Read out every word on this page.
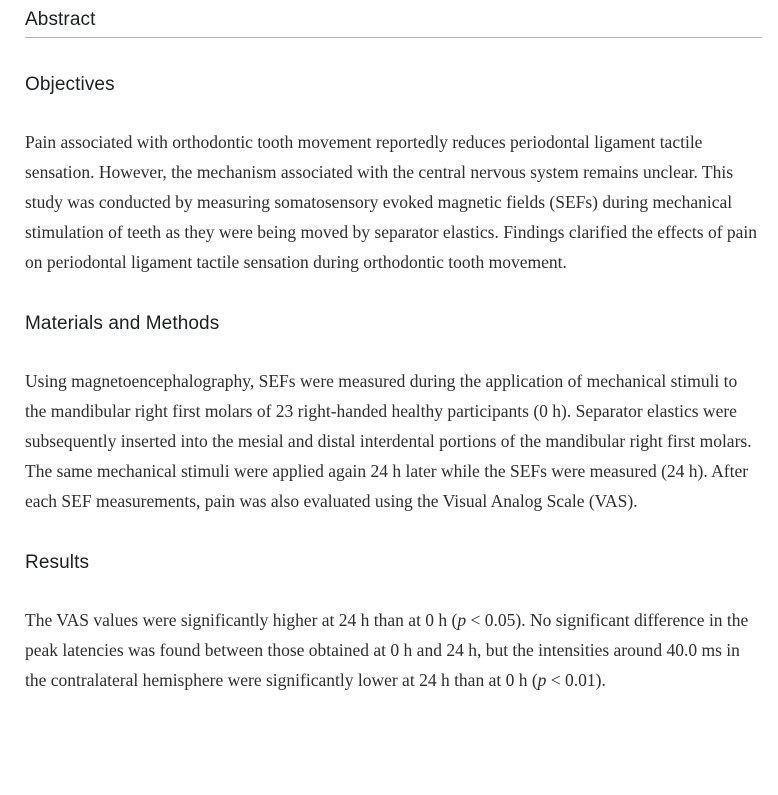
Abstract
Objectives

Pain associated with orthodontic tooth movement reportedly reduces periodontal ligament tactile sensation. However, the mechanism associated with the central nervous system remains unclear. This study was conducted by measuring somatosensory evoked magnetic fields (SEFs) during mechanical stimulation of teeth as they were being moved by separator elastics. Findings clarified the effects of pain on periodontal ligament tactile sensation during orthodontic tooth movement.

Materials and Methods

Using magnetoencephalography, SEFs were measured during the application of mechanical stimuli to the mandibular right first molars of 23 right-handed healthy participants (0 h). Separator elastics were subsequently inserted into the mesial and distal interdental portions of the mandibular right first molars. The same mechanical stimuli were applied again 24 h later while the SEFs were measured (24 h). After each SEF measurements, pain was also evaluated using the Visual Analog Scale (VAS).

Results

The VAS values were significantly higher at 24 h than at 0 h (p < 0.05). No significant difference in the peak latencies was found between those obtained at 0 h and 24 h, but the intensities around 40.0 ms in the contralateral hemisphere were significantly lower at 24 h than at 0 h (p < 0.01).
